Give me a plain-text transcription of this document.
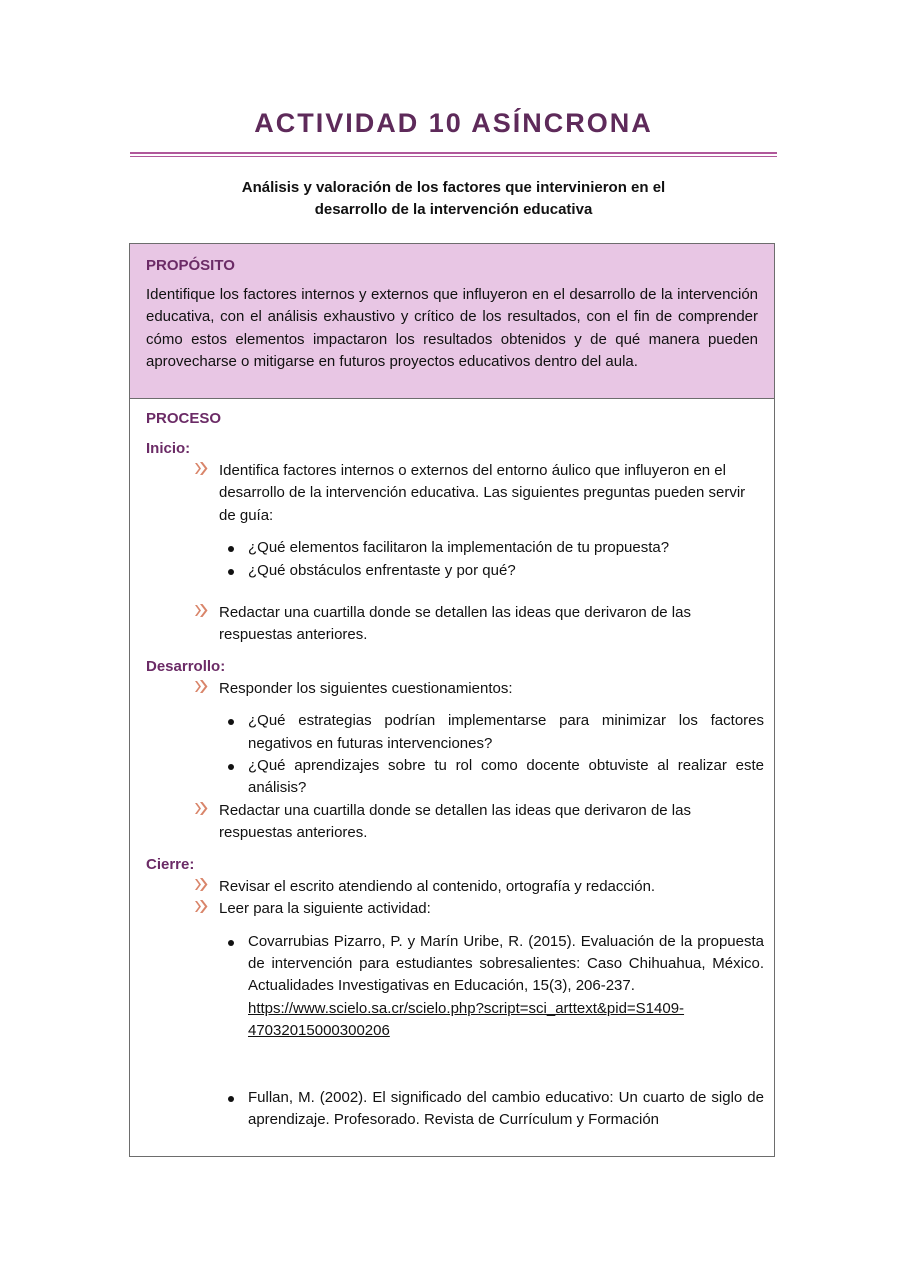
ACTIVIDAD 10 ASÍNCRONA
Análisis y valoración de los factores que intervinieron en el
desarrollo de la intervención educativa

PROPÓSITO

Identifique los factores internos y externos que influyeron en el desarrollo de la intervención educativa, con el análisis exhaustivo y crítico de los resultados, con el fin de comprender cómo estos elementos impactaron los resultados obtenidos y de qué manera pueden aprovecharse o mitigarse en futuros proyectos educativos dentro del aula.

PROCESO

Inicio:
Identifica factores internos o externos del entorno áulico que influyeron en el desarrollo de la intervención educativa. Las siguientes preguntas pueden servir de guía:
¿Qué elementos facilitaron la implementación de tu propuesta?
¿Qué obstáculos enfrentaste y por qué?
Redactar una cuartilla donde se detallen las ideas que derivaron de las respuestas anteriores.
Desarrollo:
Responder los siguientes cuestionamientos:
¿Qué estrategias podrían implementarse para minimizar los factores negativos en futuras intervenciones?
¿Qué aprendizajes sobre tu rol como docente obtuviste al realizar este análisis?
Redactar una cuartilla donde se detallen las ideas que derivaron de las respuestas anteriores.
Cierre:
Revisar el escrito atendiendo al contenido, ortografía y redacción.
Leer para la siguiente actividad:
Covarrubias Pizarro, P. y Marín Uribe, R. (2015). Evaluación de la propuesta de intervención para estudiantes sobresalientes: Caso Chihuahua, México. Actualidades Investigativas en Educación, 15(3), 206-237.
https://www.scielo.sa.cr/scielo.php?script=sci_arttext&pid=S1409-
47032015000300206
Fullan, M. (2002). El significado del cambio educativo: Un cuarto de siglo de aprendizaje. Profesorado. Revista de Currículum y Formación
